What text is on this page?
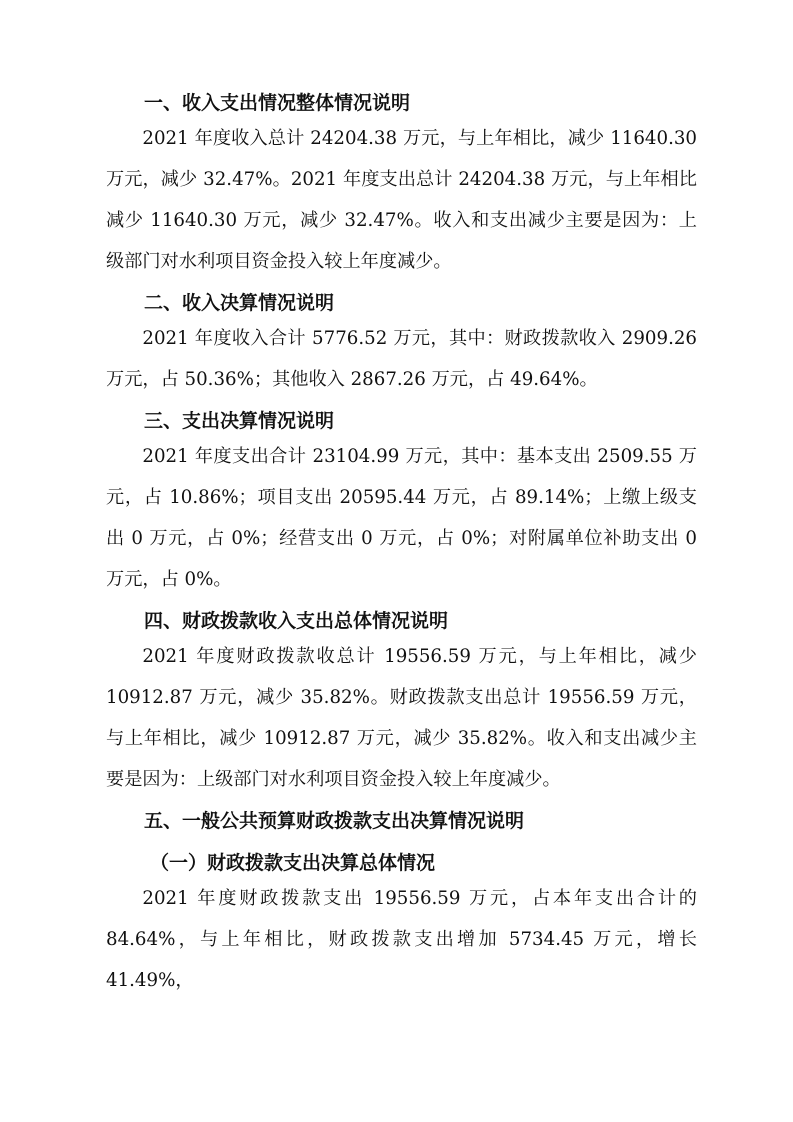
一、收入支出情况整体情况说明

2021 年度收入总计 24204.38 万元，与上年相比，减少 11640.30 万元，减少 32.47%。2021 年度支出总计 24204.38 万元，与上年相比减少 11640.30 万元，减少 32.47%。收入和支出减少主要是因为：上级部门对水利项目资金投入较上年度减少。

二、收入决算情况说明

2021 年度收入合计 5776.52 万元，其中：财政拨款收入 2909.26 万元，占 50.36%；其他收入 2867.26 万元，占 49.64%。

三、支出决算情况说明

2021 年度支出合计 23104.99 万元，其中：基本支出 2509.55 万元，占 10.86%；项目支出 20595.44 万元，占 89.14%；上缴上级支出 0 万元，占 0%；经营支出 0 万元，占 0%；对附属单位补助支出 0 万元，占 0%。

四、财政拨款收入支出总体情况说明

2021 年度财政拨款收总计 19556.59 万元，与上年相比，减少 10912.87 万元，减少 35.82%。财政拨款支出总计 19556.59 万元，与上年相比，减少 10912.87 万元，减少 35.82%。收入和支出减少主要是因为：上级部门对水利项目资金投入较上年度减少。

五、一般公共预算财政拨款支出决算情况说明
（一）财政拨款支出决算总体情况

2021 年度财政拨款支出 19556.59 万元，占本年支出合计的 84.64%，与上年相比，财政拨款支出增加 5734.45 万元，增长 41.49%，
